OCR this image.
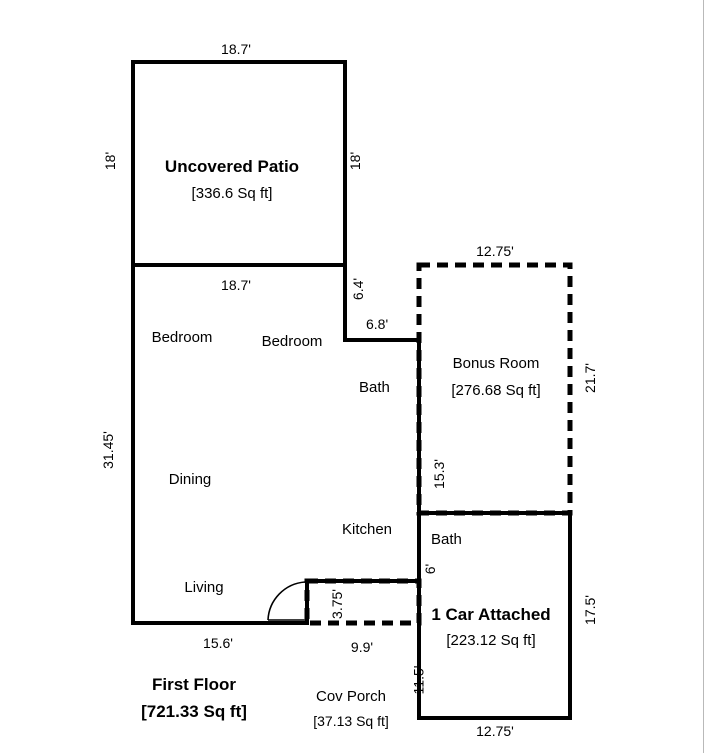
18.7'
18'	18'
Uncovered Patio
[336.6 Sq ft]
18.7'
Bedroom	Bedroom
6.4'
6.8'
Bath
31.45'
Dining
Kitchen
Living
12.75'
Bonus Room
[276.68 Sq ft]	21.7'
15.3'
Bath
6'
1 Car Attached
[223.12 Sq ft]
17.5'
12.75'
15.6'
3.75'
9.9'
11.5'
Cov Porch
[37.13 Sq ft]
First Floor
[721.33 Sq ft]
